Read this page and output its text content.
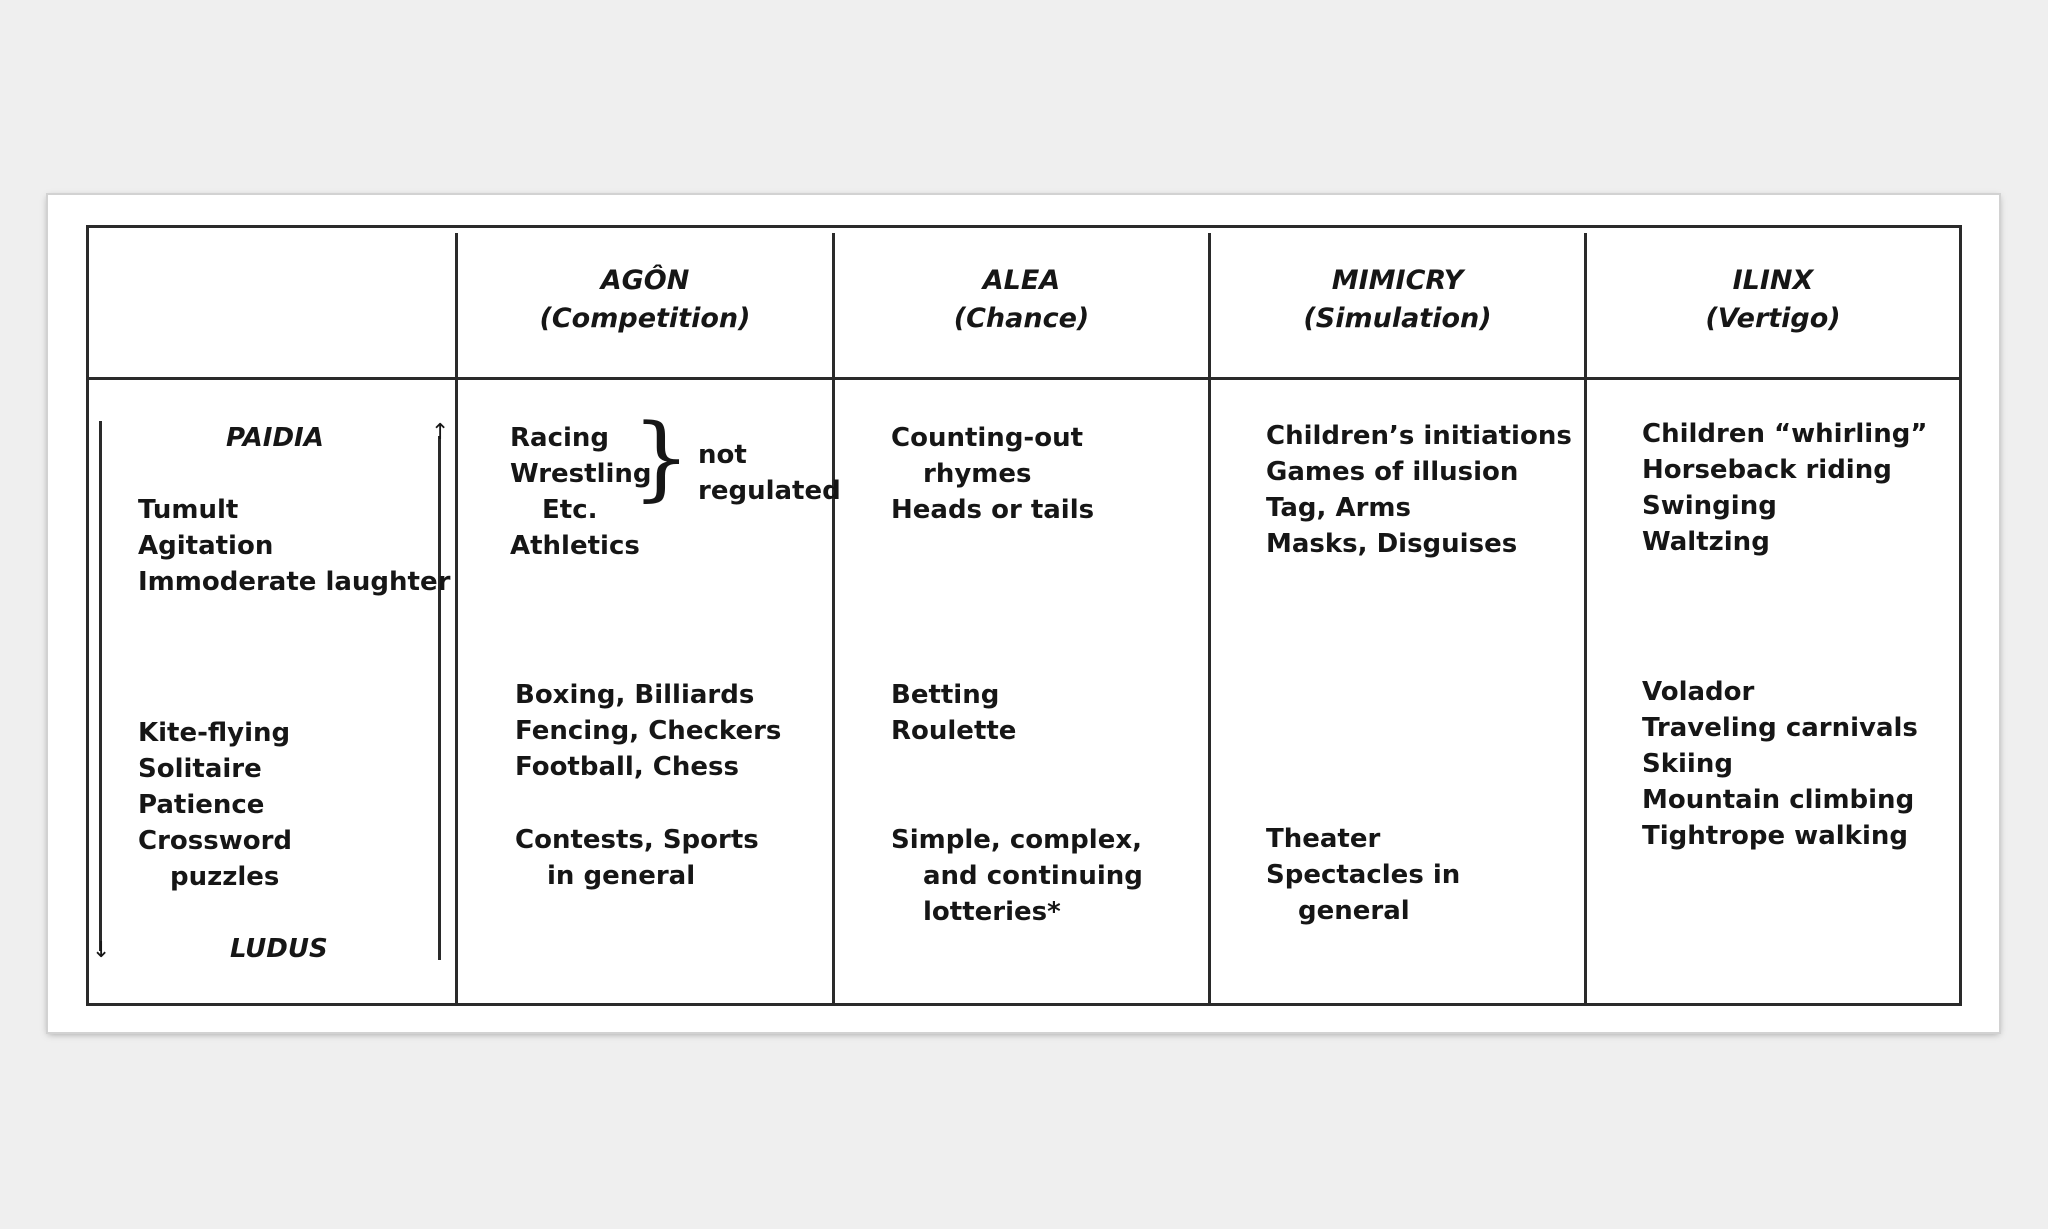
AGÔN
(Competition)
ALEA
(Chance)
MIMICRY
(Simulation)
ILINX
(Vertigo)
↓
↑
PAIDIA
Tumult
Agitation
Immoderate laughter
Kite-flying
Solitaire
Patience
Crossword
puzzles
LUDUS
Racing
Wrestling
Etc.
Athletics
} not
regulated
Boxing, Billiards
Fencing, Checkers
Football, Chess
Contests, Sports
in general
Counting-out
rhymes
Heads or tails
Betting
Roulette
Simple, complex,
and continuing
lotteries*
Children’s initiations
Games of illusion
Tag, Arms
Masks, Disguises
Theater
Spectacles in
general
Children “whirling”
Horseback riding
Swinging
Waltzing
Volador
Traveling carnivals
Skiing
Mountain climbing
Tightrope walking
